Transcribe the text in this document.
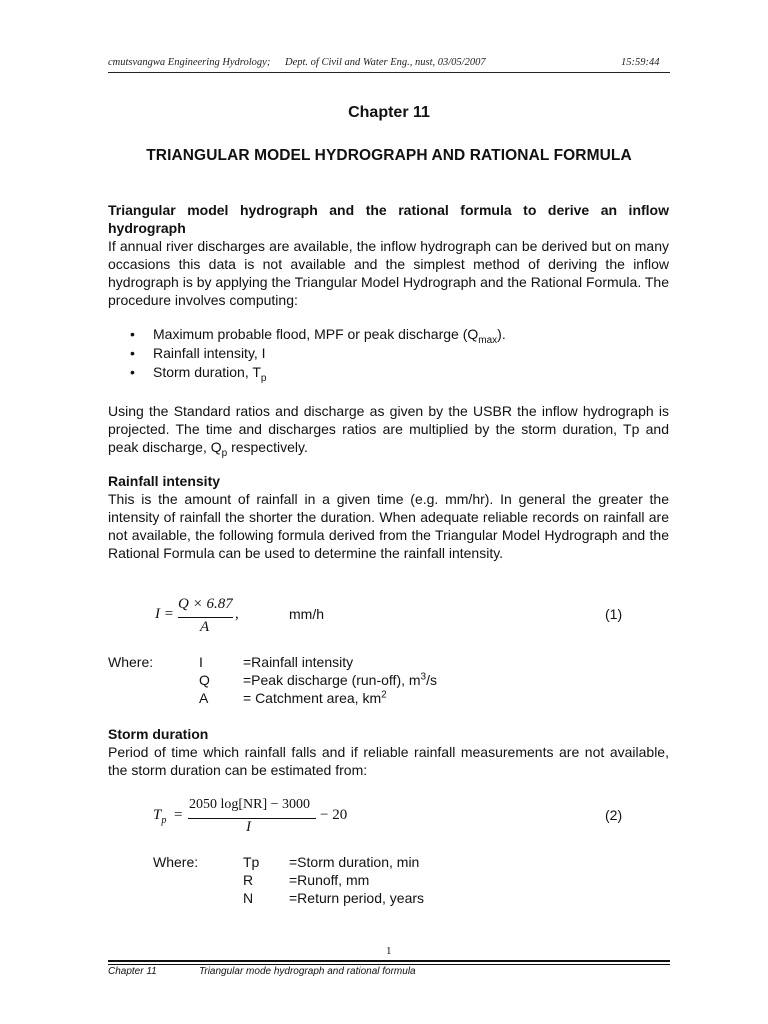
cmutsvangwa Engineering Hydrology; Dept. of Civil and Water Eng., nust, 03/05/2007	15:59:44
Chapter 11
TRIANGULAR MODEL HYDROGRAPH AND RATIONAL FORMULA
Triangular model hydrograph and the rational formula to derive an inflow hydrograph
If annual river discharges are available, the inflow hydrograph can be derived but on many occasions this data is not available and the simplest method of deriving the inflow hydrograph is by applying the Triangular Model Hydrograph and the Rational Formula. The procedure involves computing:
• Maximum probable flood, MPF or peak discharge $(Q_{max})$.
• Rainfall intensity, I
• Storm duration, $T_p$
Using the Standard ratios and discharge as given by the USBR the inflow hydrograph is projected. The time and discharges ratios are multiplied by the storm duration, Tp and peak discharge, $Q_p$ respectively.
Rainfall intensity
This is the amount of rainfall in a given time (e.g. mm/hr). In general the greater the intensity of rainfall the shorter the duration. When adequate reliable records on rainfall are not available, the following formula derived from the Triangular Model Hydrograph and the Rational Formula can be used to determine the rainfall intensity.
I =
Q × 6.87
A
,	mm/h	(1)
Where:	I	=Rainfall intensity
Q =Peak discharge (run-off), $m^3/s$
A = Catchment area, $km^2$
Storm duration
Period of time which rainfall falls and if reliable rainfall measurements are not available, the storm duration can be estimated from:
$T_p$ =
2050 log[NR] − 3000
I
− 20	(2)
Where:	Tp =Storm duration, min
R	=Runoff, mm
N	=Return period, years
1
Chapter 11	Triangular mode hydrograph and rational formula
